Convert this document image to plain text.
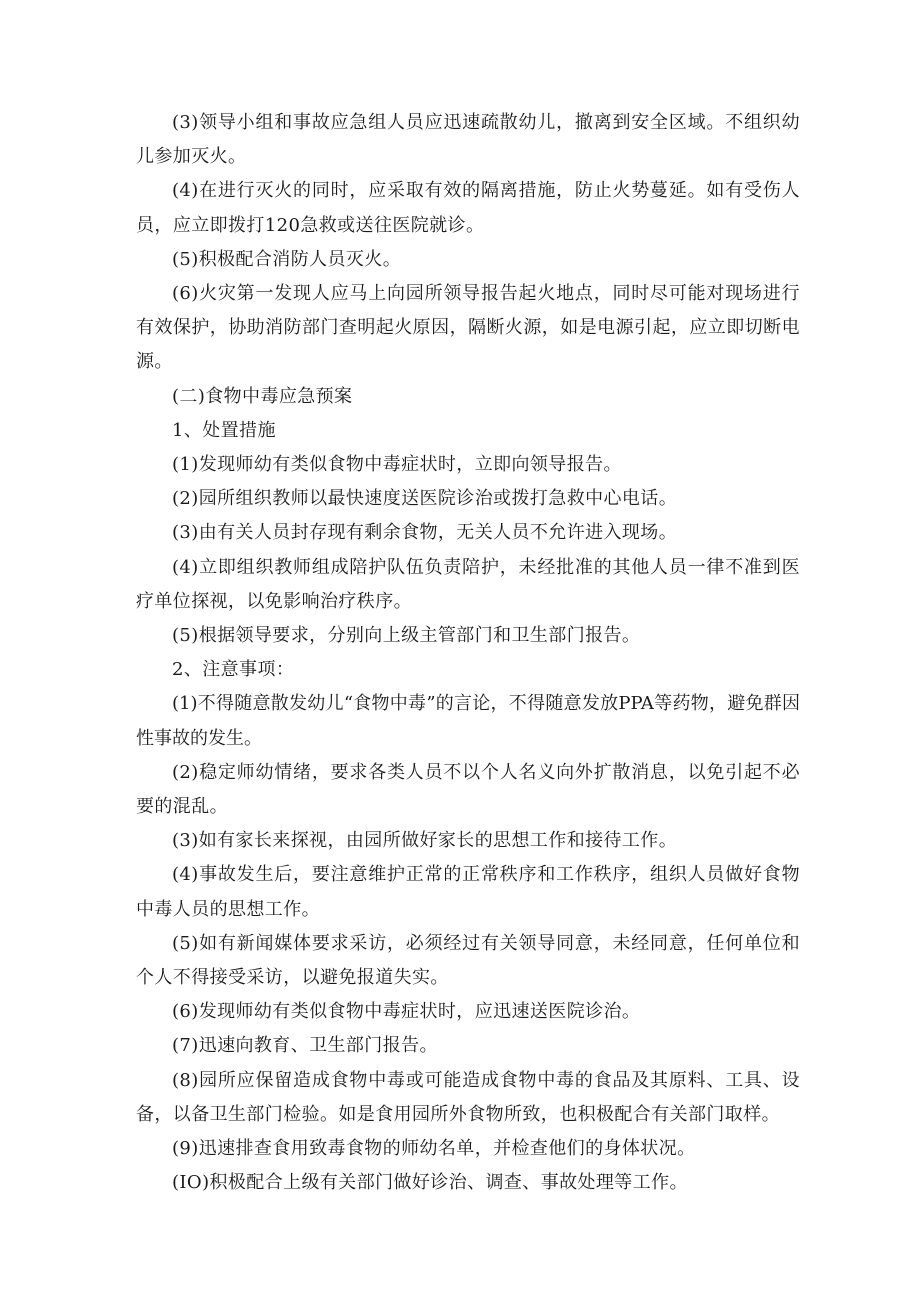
(3)领导小组和事故应急组人员应迅速疏散幼儿，撤离到安全区域。不组织幼儿参加灭火。

(4)在进行灭火的同时，应采取有效的隔离措施，防止火势蔓延。如有受伤人员，应立即拨打120急救或送往医院就诊。

(5)积极配合消防人员灭火。

(6)火灾第一发现人应马上向园所领导报告起火地点，同时尽可能对现场进行有效保护，协助消防部门查明起火原因，隔断火源，如是电源引起，应立即切断电源。

(二)食物中毒应急预案

1、处置措施

(1)发现师幼有类似食物中毒症状时，立即向领导报告。

(2)园所组织教师以最快速度送医院诊治或拨打急救中心电话。

(3)由有关人员封存现有剩余食物，无关人员不允许进入现场。

(4)立即组织教师组成陪护队伍负责陪护，未经批准的其他人员一律不准到医疗单位探视，以免影响治疗秩序。

(5)根据领导要求，分别向上级主管部门和卫生部门报告。

2、注意事项：

(1)不得随意散发幼儿“食物中毒”的言论，不得随意发放PPA等药物，避免群因性事故的发生。

(2)稳定师幼情绪，要求各类人员不以个人名义向外扩散消息，以免引起不必要的混乱。

(3)如有家长来探视，由园所做好家长的思想工作和接待工作。

(4)事故发生后，要注意维护正常的正常秩序和工作秩序，组织人员做好食物中毒人员的思想工作。

(5)如有新闻媒体要求采访，必须经过有关领导同意，未经同意，任何单位和个人不得接受采访，以避免报道失实。

(6)发现师幼有类似食物中毒症状时，应迅速送医院诊治。

(7)迅速向教育、卫生部门报告。

(8)园所应保留造成食物中毒或可能造成食物中毒的食品及其原料、工具、设备，以备卫生部门检验。如是食用园所外食物所致，也积极配合有关部门取样。

(9)迅速排查食用致毒食物的师幼名单，并检查他们的身体状况。

(IO)积极配合上级有关部门做好诊治、调查、事故处理等工作。
